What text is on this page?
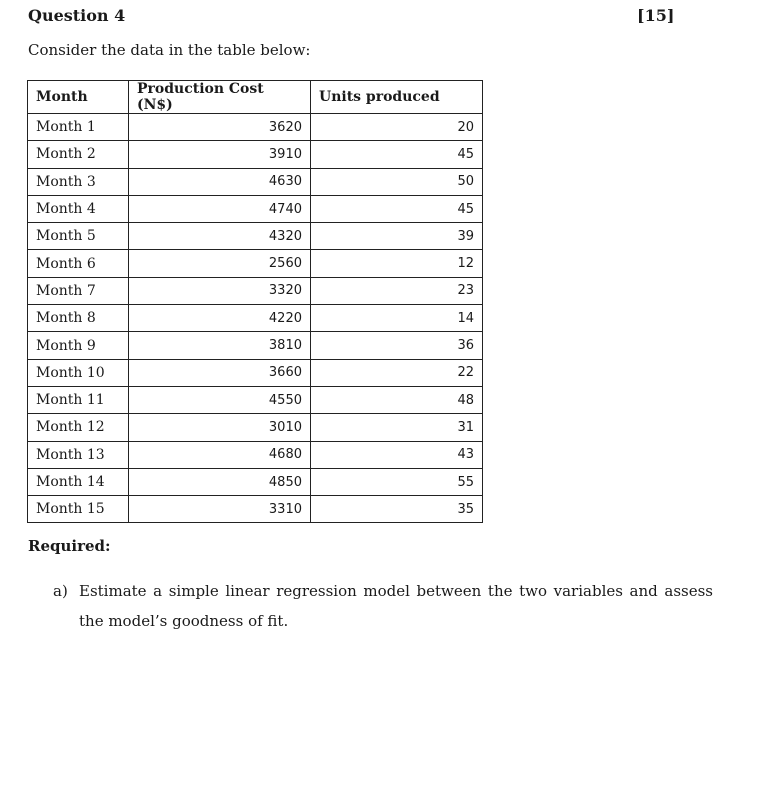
Question 4	[15]
Consider the data in the table below:
Month	Production Cost (N$)	Units produced
Month 1	3620	20
Month 2	3910	45
Month 3	4630	50
Month 4	4740	45
Month 5	4320	39
Month 6	2560	12
Month 7	3320	23
Month 8	4220	14
Month 9	3810	36
Month 10	3660	22
Month 11	4550	48
Month 12	3010	31
Month 13	4680	43
Month 14	4850	55
Month 15	3310	35
Required:
a) Estimate a simple linear regression model between the two variables and assess the model’s goodness of fit.
